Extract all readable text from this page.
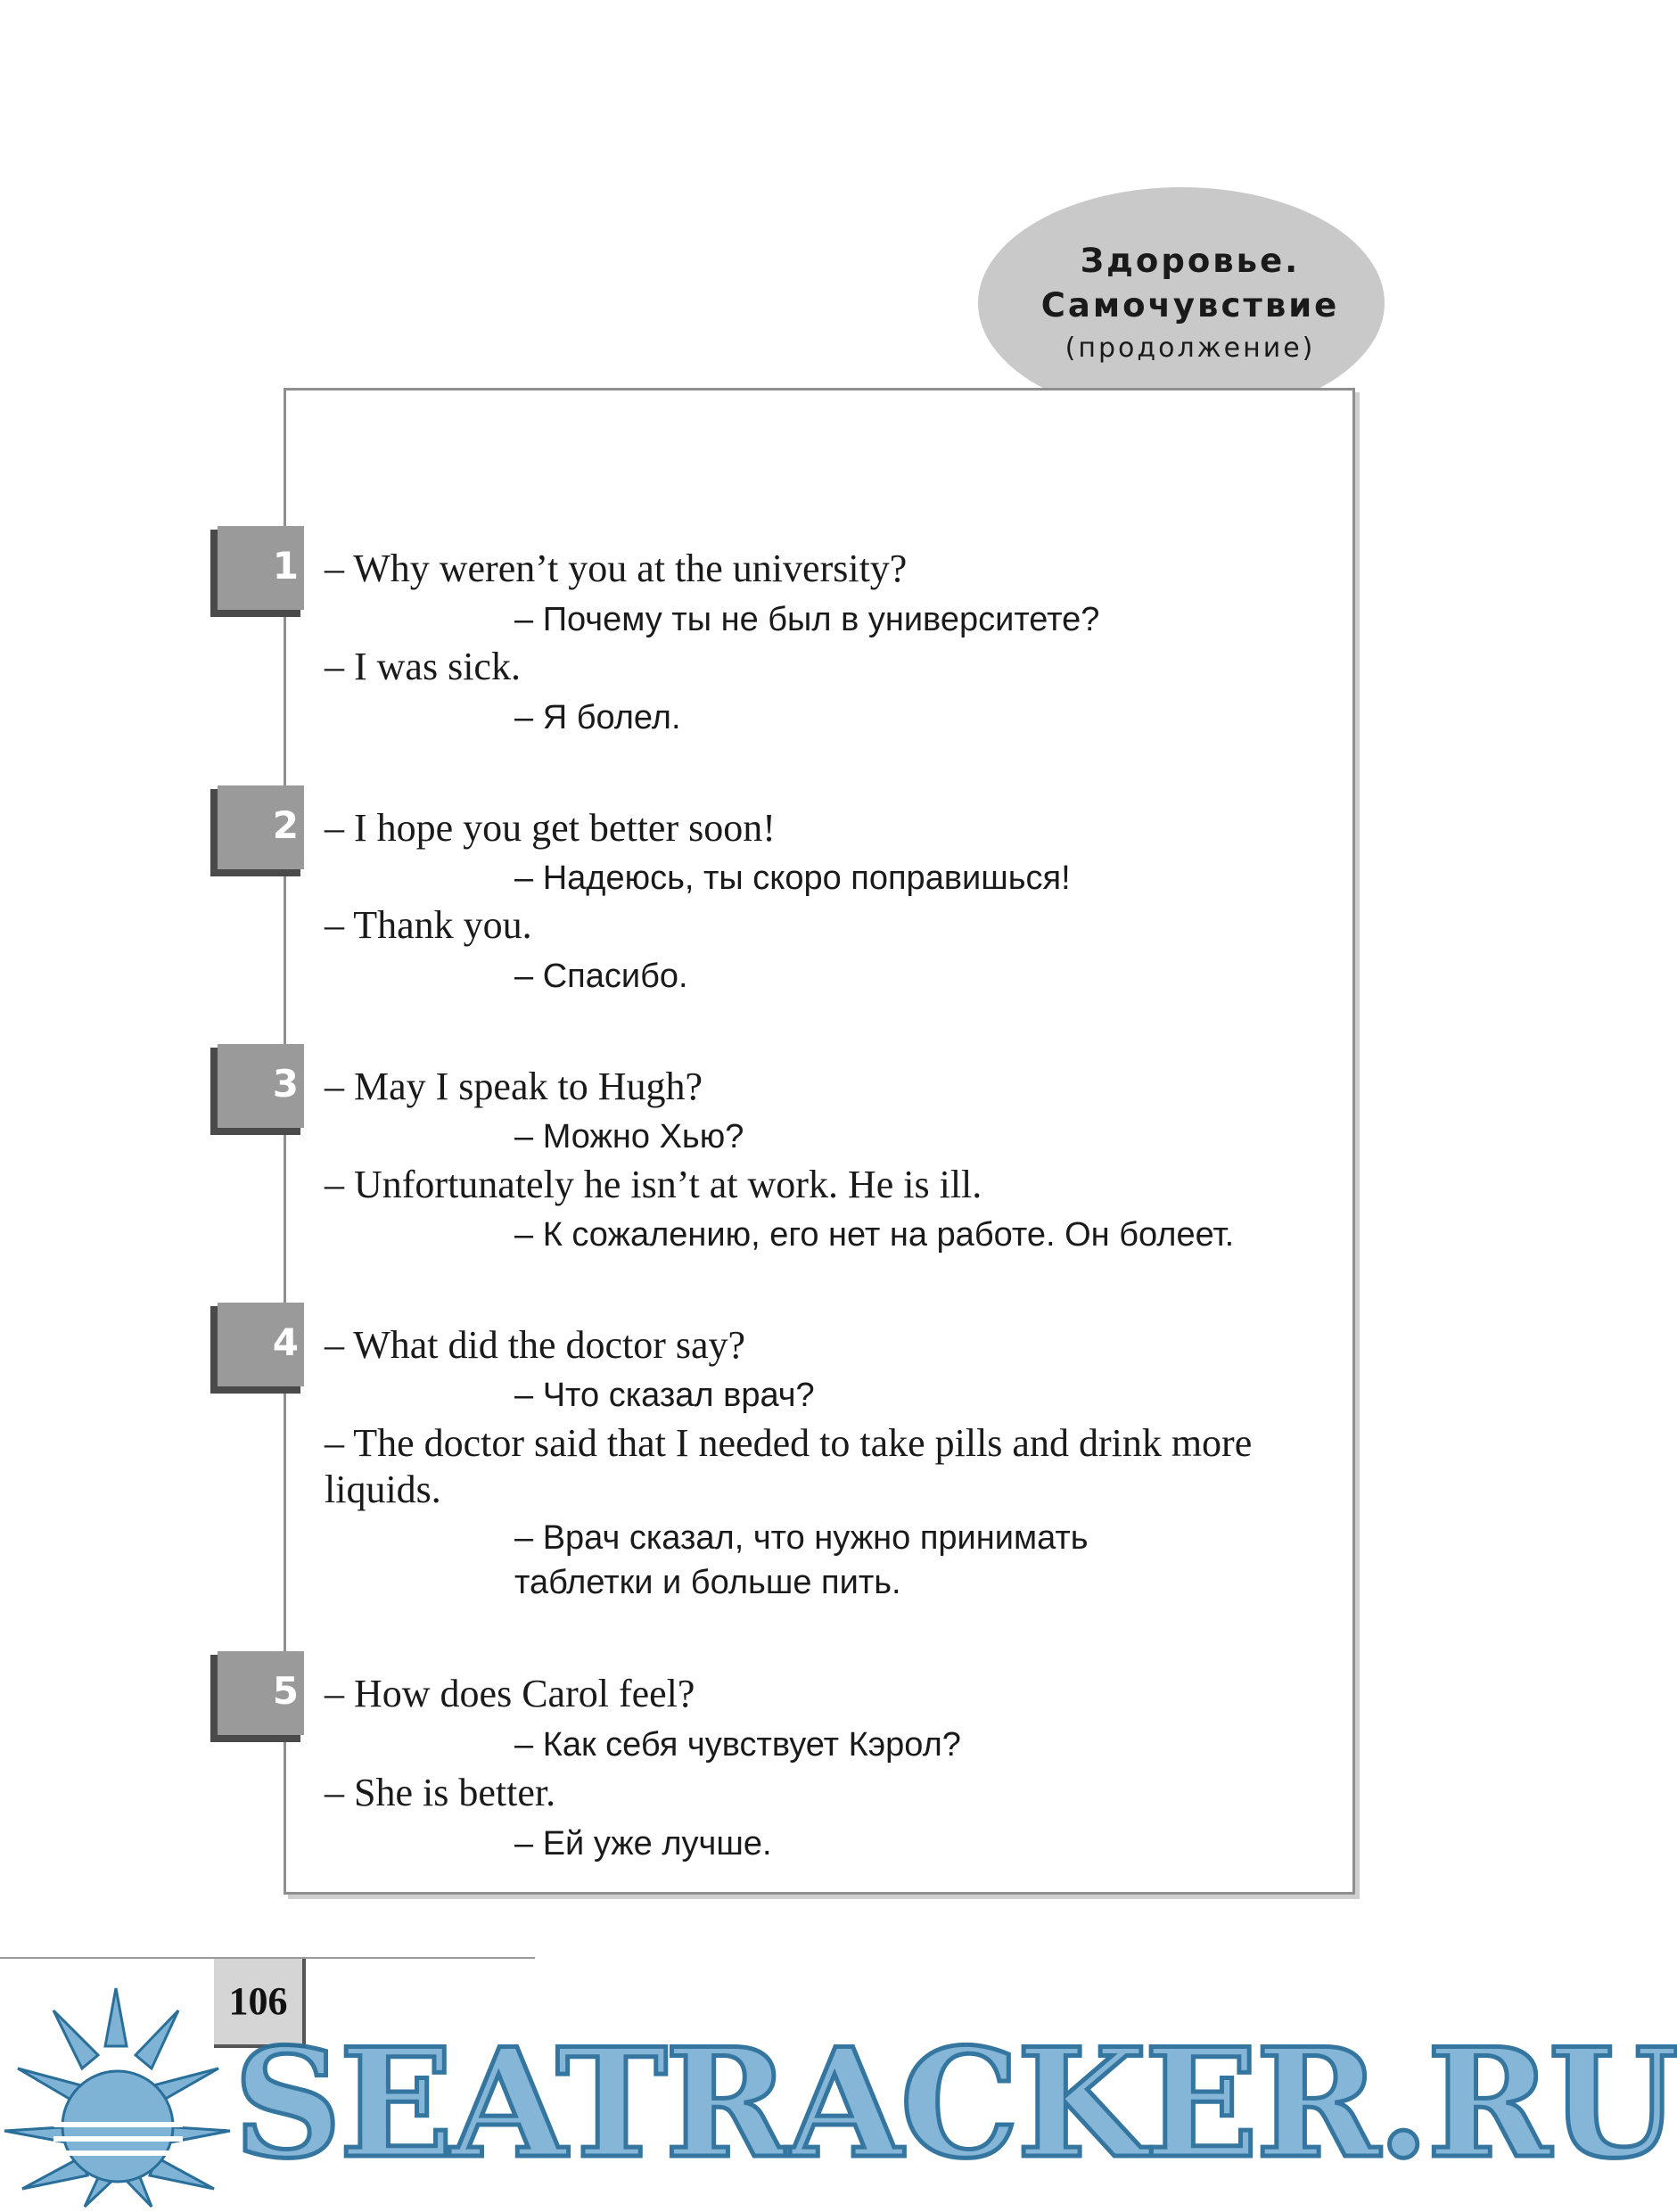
Здоровье.
Самочувствие
(продолжение)
1 – Why weren’t you at the university?
– Почему ты не был в университете?
– I was sick.
– Я болел.
2 – I hope you get better soon!
– Надеюсь, ты скоро поправишься!
– Thank you.
– Спасибо.
3 – May I speak to Hugh?
– Можно Хью?
– Unfortunately he isn’t at work. He is ill.
– К сожалению, его нет на работе. Он болеет.
4 – What did the doctor say?
– Что сказал врач?
– The doctor said that I needed to take pills and drink more liquids.
– Врач сказал, что нужно принимать
таблетки и больше пить.
5 – How does Carol feel?
– Как себя чувствует Кэрол?
– She is better.
– Ей уже лучше.
106
SEATRACKER.RU
